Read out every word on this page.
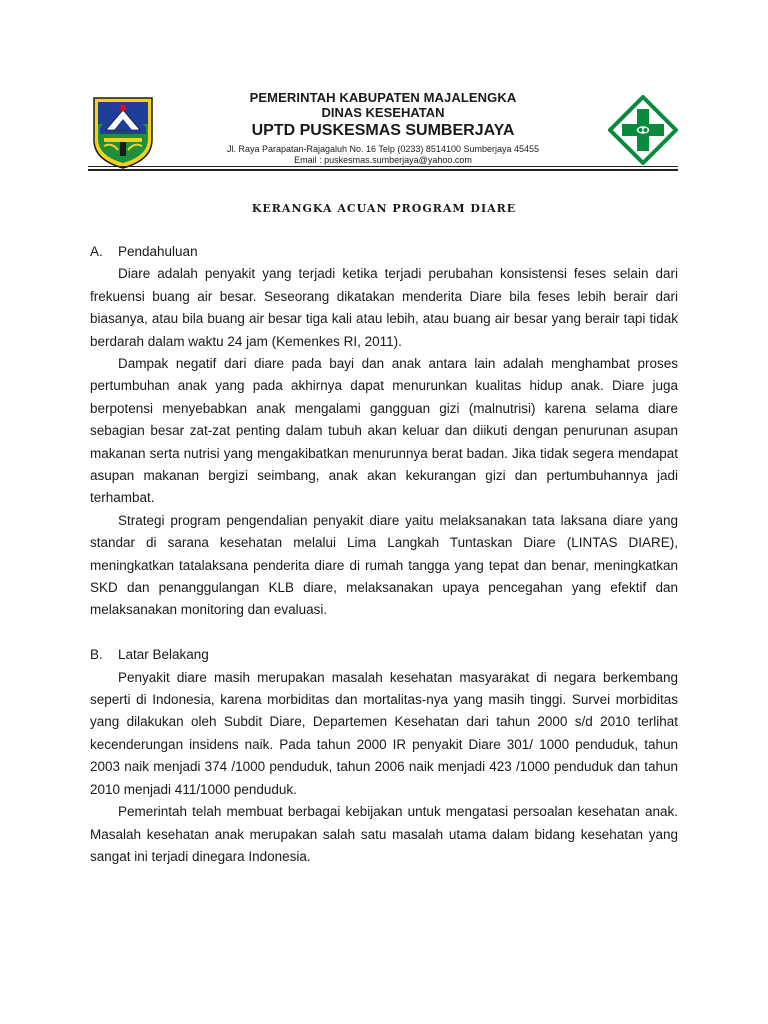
PEMERINTAH KABUPATEN MAJALENGKA
DINAS KESEHATAN
UPTD PUSKESMAS SUMBERJAYA
Jl. Raya Parapatan-Rajagaluh No. 16 Telp (0233) 8514100 Sumberjaya 45455
Email : puskesmas.sumberjaya@yahoo.com
KERANGKA ACUAN PROGRAM DIARE
A. Pendahuluan

Diare adalah penyakit yang terjadi ketika terjadi perubahan konsistensi feses selain dari frekuensi buang air besar. Seseorang dikatakan menderita Diare bila feses lebih berair dari biasanya, atau bila buang air besar tiga kali atau lebih, atau buang air besar yang berair tapi tidak berdarah dalam waktu 24 jam (Kemenkes RI, 2011).

Dampak negatif dari diare pada bayi dan anak antara lain adalah menghambat proses pertumbuhan anak yang pada akhirnya dapat menurunkan kualitas hidup anak. Diare juga berpotensi menyebabkan anak mengalami gangguan gizi (malnutrisi) karena selama diare sebagian besar zat-zat penting dalam tubuh akan keluar dan diikuti dengan penurunan asupan makanan serta nutrisi yang mengakibatkan menurunnya berat badan. Jika tidak segera mendapat asupan makanan bergizi seimbang, anak akan kekurangan gizi dan pertumbuhannya jadi terhambat.

Strategi program pengendalian penyakit diare yaitu melaksanakan tata laksana diare yang standar di sarana kesehatan melalui Lima Langkah Tuntaskan Diare (LINTAS DIARE), meningkatkan tatalaksana penderita diare di rumah tangga yang tepat dan benar, meningkatkan SKD dan penanggulangan KLB diare, melaksanakan upaya pencegahan yang efektif dan melaksanakan monitoring dan evaluasi.

B. Latar Belakang

Penyakit diare masih merupakan masalah kesehatan masyarakat di negara berkembang seperti di Indonesia, karena morbiditas dan mortalitas-nya yang masih tinggi. Survei morbiditas yang dilakukan oleh Subdit Diare, Departemen Kesehatan dari tahun 2000 s/d 2010 terlihat kecenderungan insidens naik. Pada tahun 2000 IR penyakit Diare 301/ 1000 penduduk, tahun 2003 naik menjadi 374 /1000 penduduk, tahun 2006 naik menjadi 423 /1000 penduduk dan tahun 2010 menjadi 411/1000 penduduk.

Pemerintah telah membuat berbagai kebijakan untuk mengatasi persoalan kesehatan anak. Masalah kesehatan anak merupakan salah satu masalah utama dalam bidang kesehatan yang sangat ini terjadi dinegara Indonesia.
